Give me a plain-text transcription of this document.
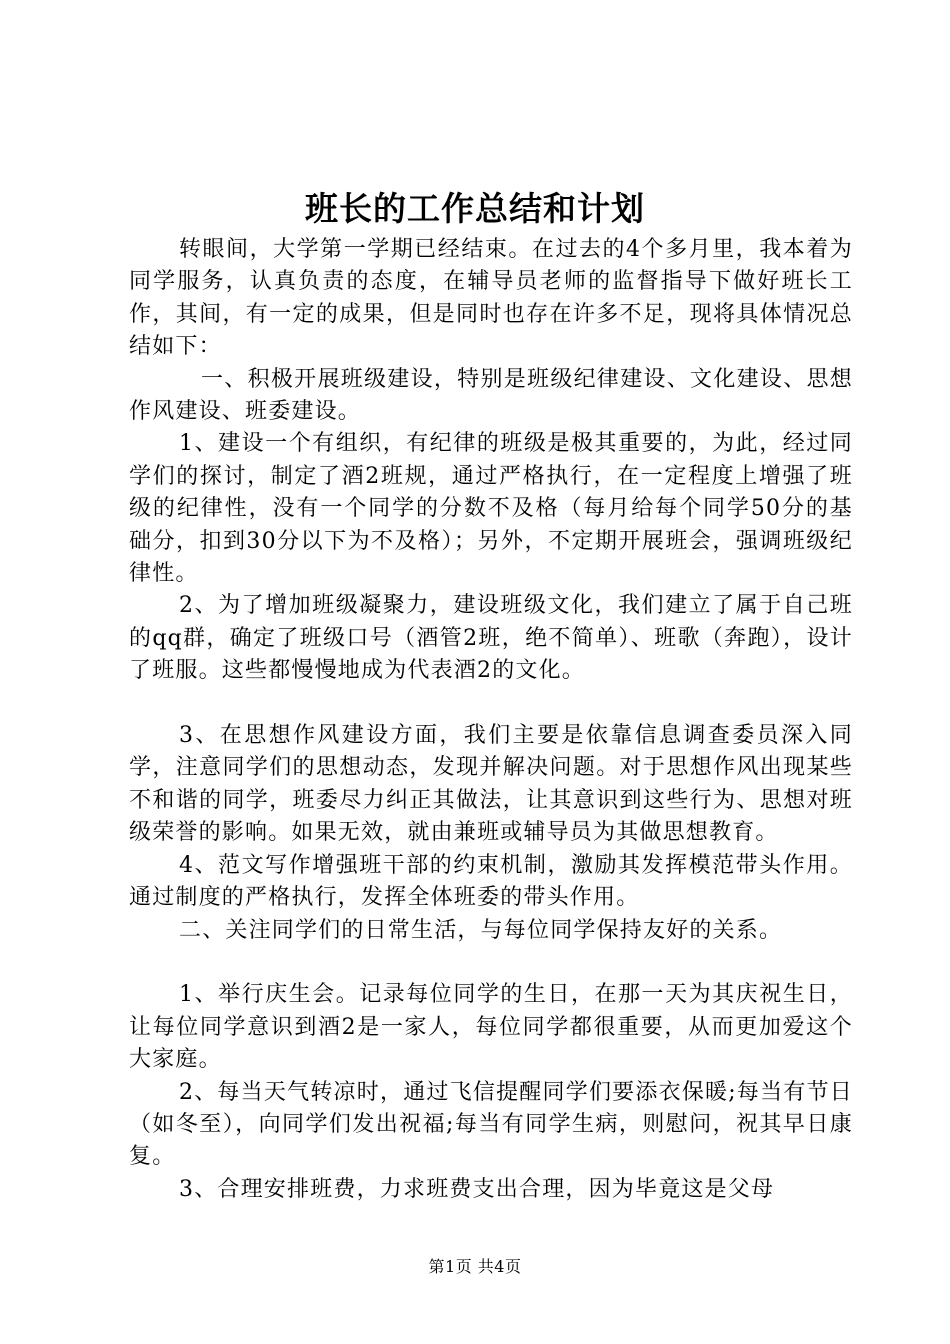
班长的工作总结和计划

转眼间，大学第一学期已经结束。在过去的4个多月里，我本着为同学服务，认真负责的态度，在辅导员老师的监督指导下做好班长工作，其间，有一定的成果，但是同时也存在许多不足，现将具体情况总结如下：

一、积极开展班级建设，特别是班级纪律建设、文化建设、思想作风建设、班委建设。

1、建设一个有组织，有纪律的班级是极其重要的，为此，经过同学们的探讨，制定了酒2班规，通过严格执行，在一定程度上增强了班级的纪律性，没有一个同学的分数不及格（每月给每个同学50分的基础分，扣到30分以下为不及格）；另外，不定期开展班会，强调班级纪律性。

2、为了增加班级凝聚力，建设班级文化，我们建立了属于自己班的qq群，确定了班级口号（酒管2班，绝不简单）、班歌（奔跑），设计了班服。这些都慢慢地成为代表酒2的文化。

3、在思想作风建设方面，我们主要是依靠信息调查委员深入同学，注意同学们的思想动态，发现并解决问题。对于思想作风出现某些不和谐的同学，班委尽力纠正其做法，让其意识到这些行为、思想对班级荣誉的影响。如果无效，就由兼班或辅导员为其做思想教育。

4、范文写作增强班干部的约束机制，激励其发挥模范带头作用。通过制度的严格执行，发挥全体班委的带头作用。

二、关注同学们的日常生活，与每位同学保持友好的关系。

1、举行庆生会。记录每位同学的生日，在那一天为其庆祝生日，让每位同学意识到酒2是一家人，每位同学都很重要，从而更加爱这个大家庭。

2、每当天气转凉时，通过飞信提醒同学们要添衣保暖;每当有节日（如冬至），向同学们发出祝福;每当有同学生病，则慰问，祝其早日康复。

3、合理安排班费，力求班费支出合理，因为毕竟这是父母

第1页 共4页
